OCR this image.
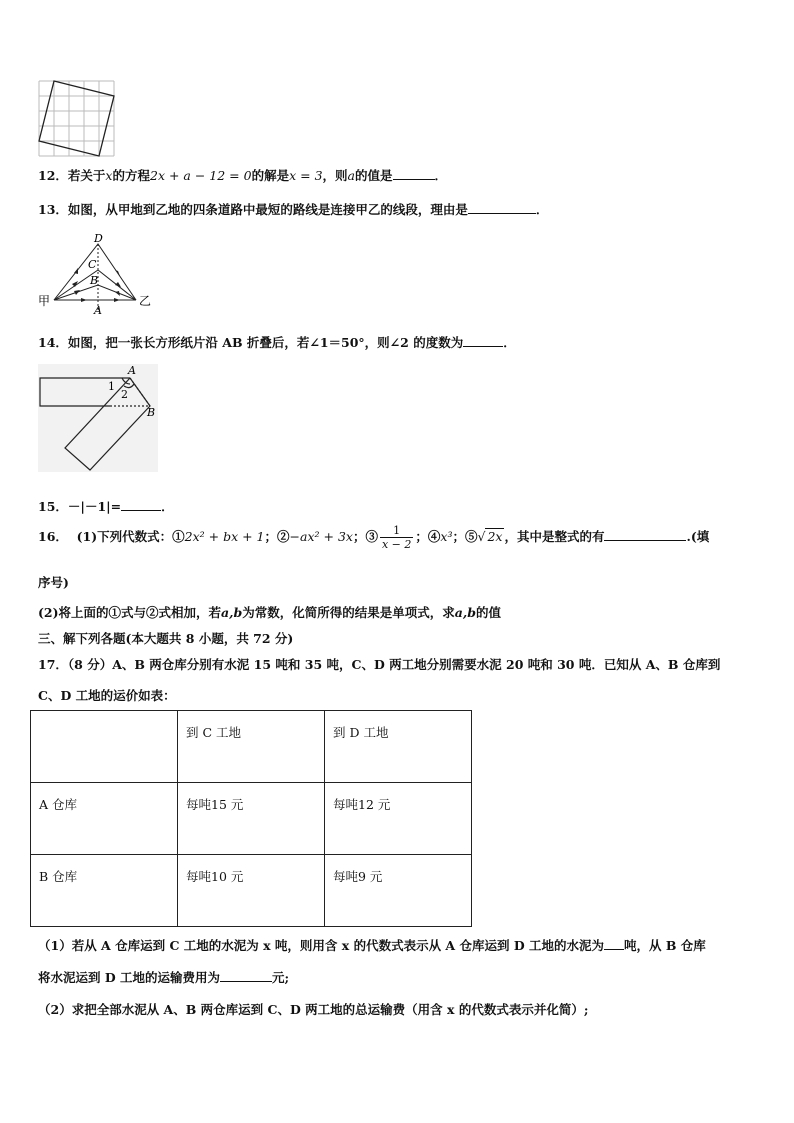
12．若关于x的方程2x + a − 12 = 0的解是x = 3，则a的值是	．
13．如图，从甲地到乙地的四条道路中最短的路线是连接甲乙的线段，理由是	．
甲	乙
D
C
B
A
14．如图，把一张长方形纸片沿 AB 折叠后，若∠1＝50°，则∠2 的度数为	．
1
2
A
B
15．－|－1|=	．
16． (1)下列代数式：①2x² + bx + 1；②−ax² + 3x；③ $\frac{1}{x - 2}$ ；④x³；⑤√ 2x ，其中是整式的有	.(填
序号)
(2)将上面的①式与②式相加，若a,b为常数，化简所得的结果是单项式，求a,b的值
三、解下列各题(本大题共 8 小题，共 72 分)
17．（8 分）A、B 两仓库分别有水泥 15 吨和 35 吨，C、D 两工地分别需要水泥 20 吨和 30 吨．已知从 A、B 仓库到
C、D 工地的运价如表：
	到 C 工地	到 D 工地
A 仓库	每吨15 元	每吨12 元
B 仓库	每吨10 元	每吨9 元
（1）若从 A 仓库运到 C 工地的水泥为 x 吨，则用含 x 的代数式表示从 A 仓库运到 D 工地的水泥为 吨，从 B 仓库
将水泥运到 D 工地的运输费用为	元;
（2）求把全部水泥从 A、B 两仓库运到 C、D 两工地的总运输费（用含 x 的代数式表示并化简）;
